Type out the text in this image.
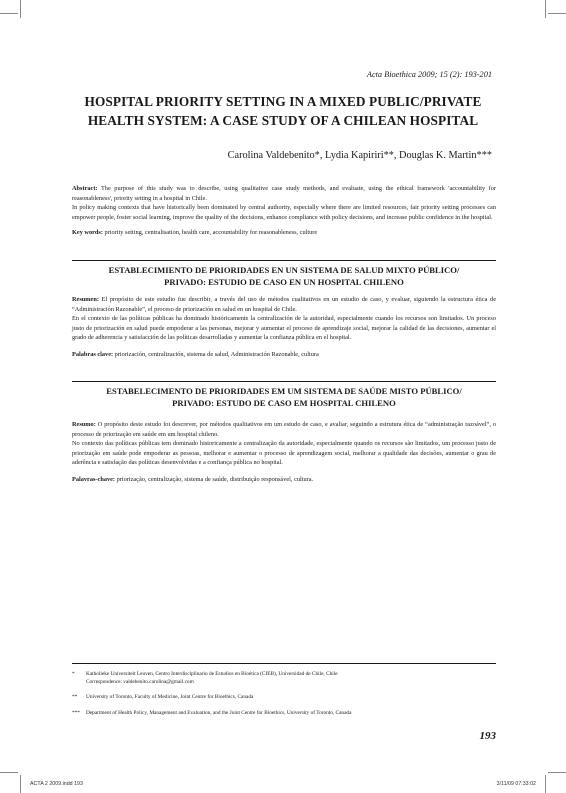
Acta Bioethica 2009; 15 (2): 193-201
HOSPITAL PRIORITY SETTING IN A MIXED PUBLIC/PRIVATE
HEALTH SYSTEM: A CASE STUDY OF A CHILEAN HOSPITAL
Carolina Valdebenito*, Lydia Kapiriri**, Douglas K. Martin***

Abstract: The purpose of this study was to describe, using qualitative case study methods, and evaluate, using the ethical framework 'accountability for reasonableness', priority setting in a hospital in Chile.

In policy making contexts that have historically been dominated by central authority, especially where there are limited resources, fair priority setting processes can empower people, foster social learning, improve the quality of the decisions, enhance compliance with policy decisions, and increase public confidence in the hospital.

Key words: priority setting, centralisation, health care, accountability for reasonableness, culture

ESTABLECIMIENTO DE PRIORIDADES EN UN SISTEMA DE SALUD MIXTO PÚBLICO/
PRIVADO: ESTUDIO DE CASO EN UN HOSPITAL CHILENO

Resumen: El propósito de este estudio fue describir, a través del uso de métodos cualitativos en un estudio de caso, y evaluar, siguiendo la estructura ética de “Administración Razonable”, el proceso de priorización en salud en un hospital de Chile.

En el contexto de las políticas públicas ha dominado históricamente la centralización de la autoridad, especialmente cuando los recursos son limitados. Un proceso justo de priorización en salud puede empoderar a las personas, mejorar y aumentar el proceso de aprendizaje social, mejorar la calidad de las decisiones, aumentar el grado de adherencia y satisfacción de las políticas desarrolladas y aumentar la confianza pública en el hospital.

Palabras clave: priorización, centralización, sistema de salud, Administración Razonable, cultura

ESTABELECIMENTO DE PRIORIDADES EM UM SISTEMA DE SAÚDE MISTO PÚBLICO/
PRIVADO: ESTUDO DE CASO EM HOSPITAL CHILENO

Resumo: O propósito deste estudo foi descrever, por métodos qualitativos em um estudo de caso, e avaliar, seguindo a estrutura ética de “administração razoável”, o processo de priorização em saúde em um hospital chileno.

No contexto das políticas públicas tem dominado historicamente a centralização da autoridade, especialmente quando os recursos são limitados, um processo justo de priorização em saúde pode empoderar as pessoas, melhorar e aumentar o processo de aprendizagem social, melhorar a qualidade das decisões, aumentar o grau de aderência e satisfação das políticas desenvolvidas e a confiança pública no hospital.

Palavras-chave: priorização, centralização, sistema de saúde, distribuição responsável, cultura.

*	Katholieke Universiteit Leuven, Centro Interdisciplinario de Estudios en Bioética (CIEB), Universidad de Chile, Chile
Correspondence: valdebenito.carolina@gmail.com
**	University of Toronto, Faculty of Medicine, Joint Centre for Bioethics, Canada
***	Department of Health Policy, Management and Evaluation, and the Joint Centre for Bioethics, University of Toronto, Canada
193
ACTA 2 2009.indd 193	3/11/09 07:33:02
